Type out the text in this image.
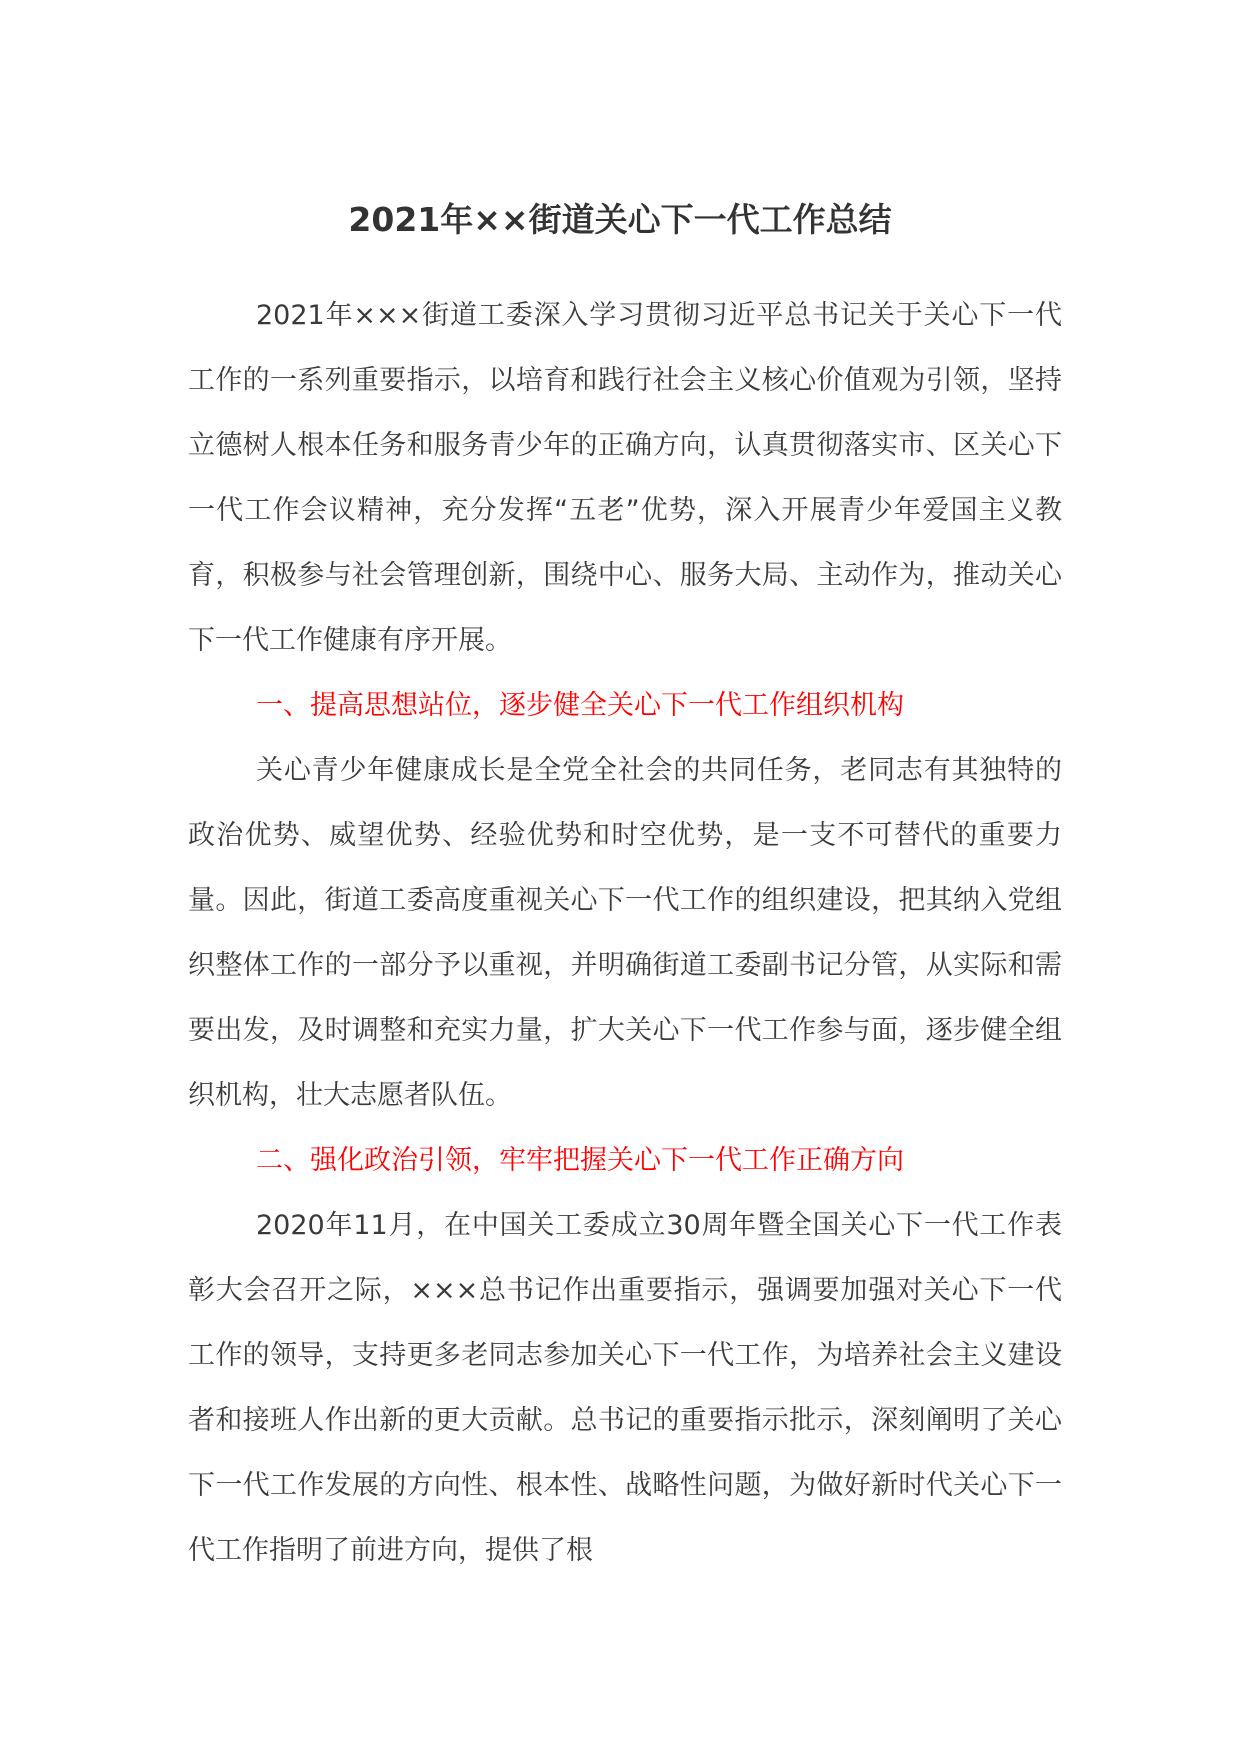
2021年××街道关心下一代工作总结

2021年×××街道工委深入学习贯彻习近平总书记关于关心下一代工作的一系列重要指示，以培育和践行社会主义核心价值观为引领，坚持立德树人根本任务和服务青少年的正确方向，认真贯彻落实市、区关心下一代工作会议精神，充分发挥“五老”优势，深入开展青少年爱国主义教育，积极参与社会管理创新，围绕中心、服务大局、主动作为，推动关心下一代工作健康有序开展。

一、提高思想站位，逐步健全关心下一代工作组织机构

关心青少年健康成长是全党全社会的共同任务，老同志有其独特的政治优势、威望优势、经验优势和时空优势，是一支不可替代的重要力量。因此，街道工委高度重视关心下一代工作的组织建设，把其纳入党组织整体工作的一部分予以重视，并明确街道工委副书记分管，从实际和需要出发，及时调整和充实力量，扩大关心下一代工作参与面，逐步健全组织机构，壮大志愿者队伍。

二、强化政治引领，牢牢把握关心下一代工作正确方向

2020年11月，在中国关工委成立30周年暨全国关心下一代工作表彰大会召开之际，×××总书记作出重要指示，强调要加强对关心下一代工作的领导，支持更多老同志参加关心下一代工作，为培养社会主义建设者和接班人作出新的更大贡献。总书记的重要指示批示，深刻阐明了关心下一代工作发展的方向性、根本性、战略性问题，为做好新时代关心下一代工作指明了前进方向，提供了根
